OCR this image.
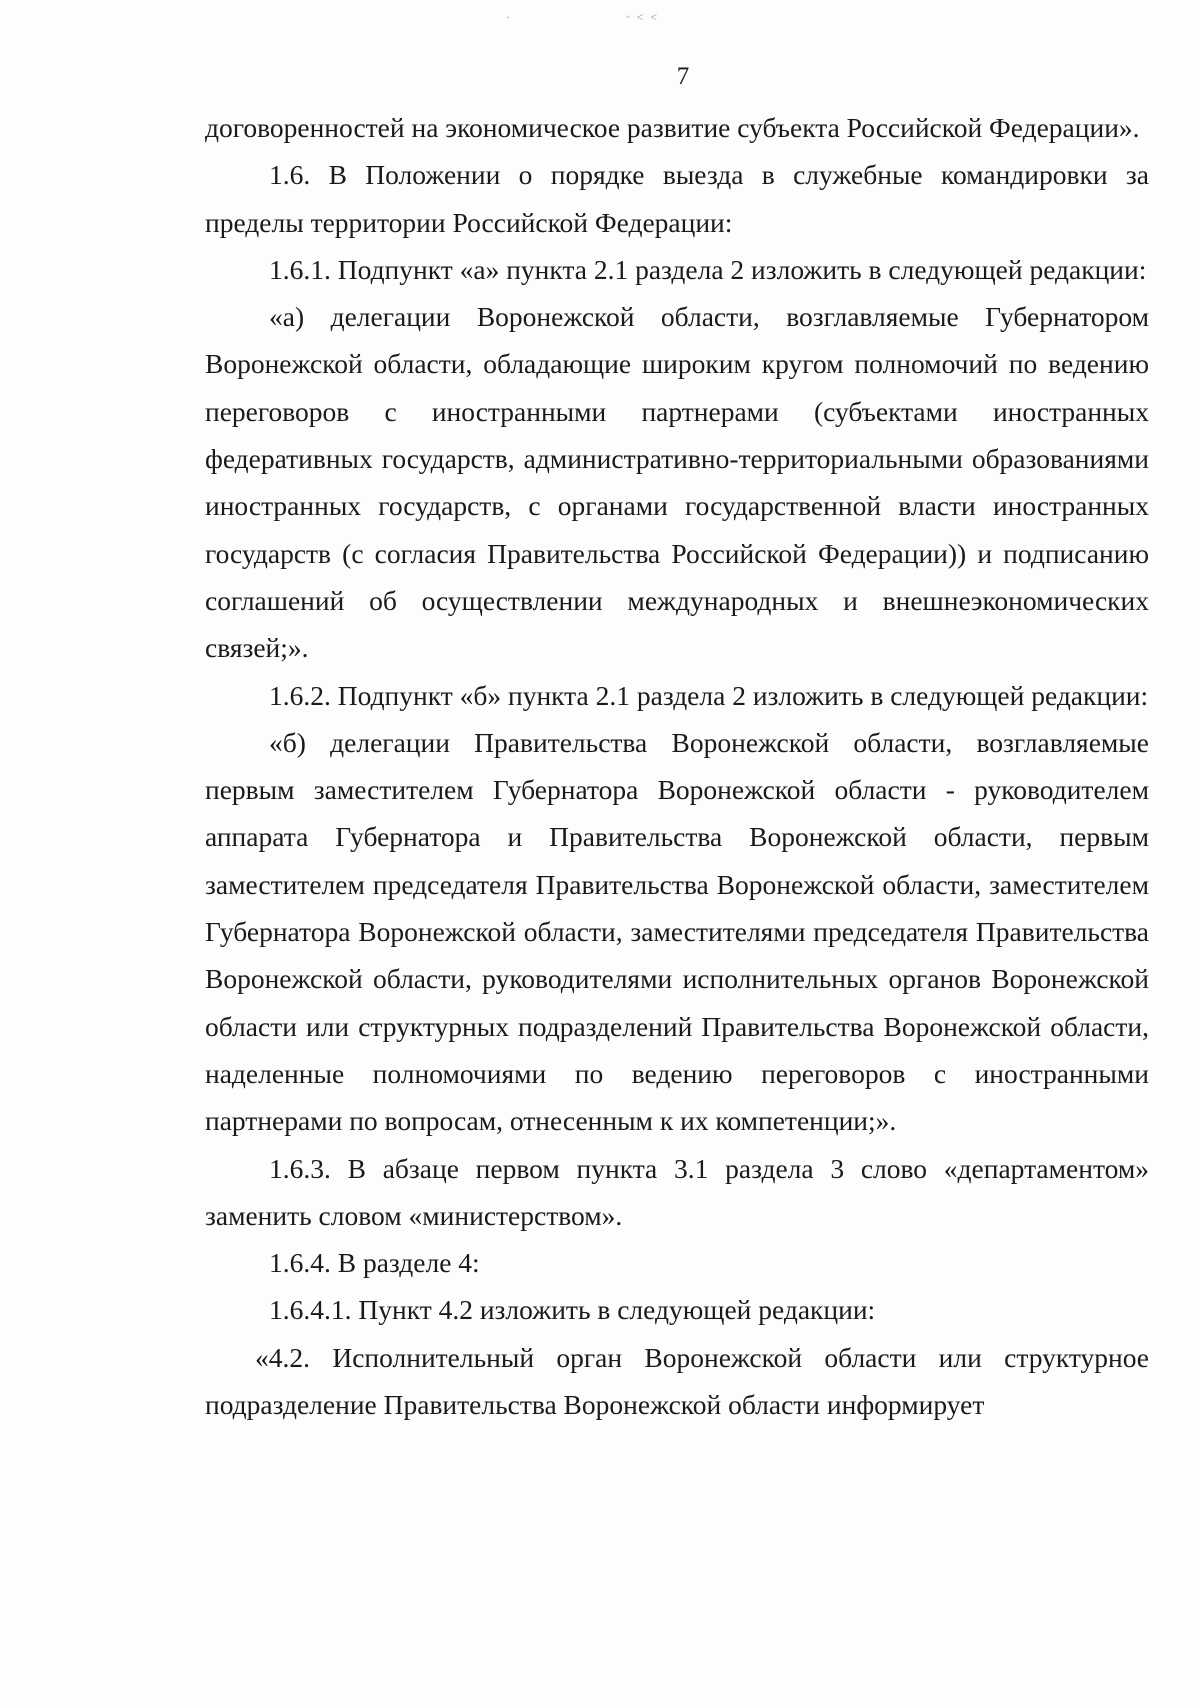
ᵕ ˂ ˂
·
7

договоренностей на экономическое развитие субъекта Российской Федерации».

1.6. В Положении о порядке выезда в служебные командировки за пределы территории Российской Федерации:

1.6.1. Подпункт «а» пункта 2.1 раздела 2 изложить в следующей редакции:

«а) делегации Воронежской области, возглавляемые Губернатором Воронежской области, обладающие широким кругом полномочий по ведению переговоров с иностранными партнерами (субъектами иностранных федеративных государств, административно-территориальными образованиями иностранных государств, с органами государственной власти иностранных государств (с согласия Правительства Российской Федерации)) и подписанию соглашений об осуществлении международных и внешнеэкономических связей;».

1.6.2. Подпункт «б» пункта 2.1 раздела 2 изложить в следующей редакции:

«б) делегации Правительства Воронежской области, возглавляемые первым заместителем Губернатора Воронежской области - руководителем аппарата Губернатора и Правительства Воронежской области, первым заместителем председателя Правительства Воронежской области, заместителем Губернатора Воронежской области, заместителями председателя Правительства Воронежской области, руководителями исполнительных органов Воронежской области или структурных подразделений Правительства Воронежской области, наделенные полномочиями по ведению переговоров с иностранными партнерами по вопросам, отнесенным к их компетенции;».

1.6.3. В абзаце первом пункта 3.1 раздела 3 слово «департаментом» заменить словом «министерством».

1.6.4. В разделе 4:

1.6.4.1. Пункт 4.2 изложить в следующей редакции:

«4.2. Исполнительный орган Воронежской области или структурное подразделение Правительства Воронежской области информирует
